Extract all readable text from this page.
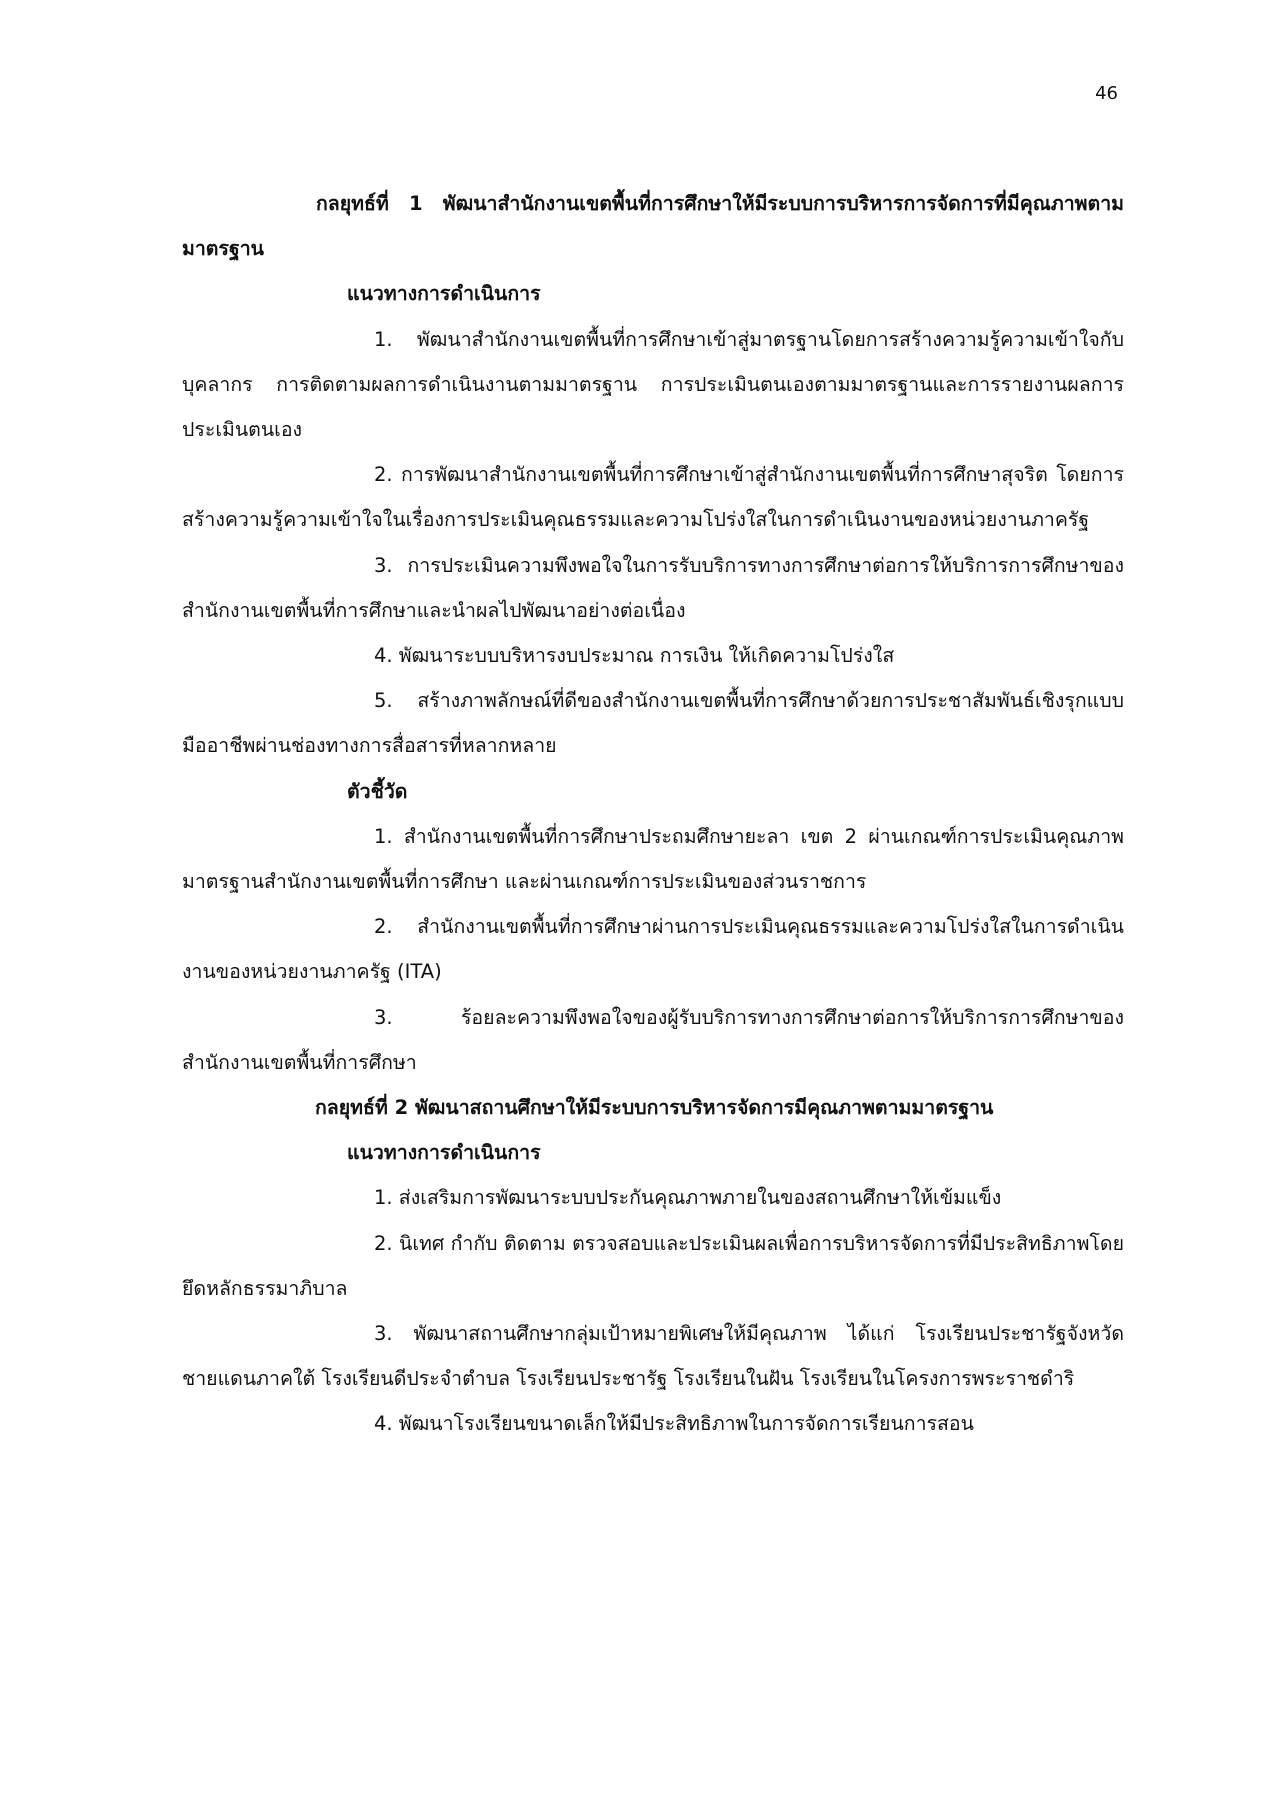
46

กลยุทธ์ที่ 1 พัฒนาสำนักงานเขตพื้นที่การศึกษาให้มีระบบการบริหารการจัดการที่มีคุณภาพตามมาตรฐาน

แนวทางการดำเนินการ

1. พัฒนาสำนักงานเขตพื้นที่การศึกษาเข้าสู่มาตรฐานโดยการสร้างความรู้ความเข้าใจกับบุคลากร การติดตามผลการดำเนินงานตามมาตรฐาน การประเมินตนเองตามมาตรฐานและการรายงานผลการประเมินตนเอง

2. การพัฒนาสำนักงานเขตพื้นที่การศึกษาเข้าสู่สำนักงานเขตพื้นที่การศึกษาสุจริต โดยการสร้างความรู้ความเข้าใจในเรื่องการประเมินคุณธรรมและความโปร่งใสในการดำเนินงานของหน่วยงานภาครัฐ

3. การประเมินความพึงพอใจในการรับบริการทางการศึกษาต่อการให้บริการการศึกษาของสำนักงานเขตพื้นที่การศึกษาและนำผลไปพัฒนาอย่างต่อเนื่อง

4. พัฒนาระบบบริหารงบประมาณ การเงิน ให้เกิดความโปร่งใส

5. สร้างภาพลักษณ์ที่ดีของสำนักงานเขตพื้นที่การศึกษาด้วยการประชาสัมพันธ์เชิงรุกแบบมืออาชีพผ่านช่องทางการสื่อสารที่หลากหลาย

ตัวชี้วัด

1. สำนักงานเขตพื้นที่การศึกษาประถมศึกษายะลา เขต 2 ผ่านเกณฑ์การประเมินคุณภาพมาตรฐานสำนักงานเขตพื้นที่การศึกษา และผ่านเกณฑ์การประเมินของส่วนราชการ

2. สำนักงานเขตพื้นที่การศึกษาผ่านการประเมินคุณธรรมและความโปร่งใสในการดำเนินงานของหน่วยงานภาครัฐ (ITA)

3. ร้อยละความพึงพอใจของผู้รับบริการทางการศึกษาต่อการให้บริการการศึกษาของสำนักงานเขตพื้นที่การศึกษา

กลยุทธ์ที่ 2 พัฒนาสถานศึกษาให้มีระบบการบริหารจัดการมีคุณภาพตามมาตรฐาน

แนวทางการดำเนินการ

1. ส่งเสริมการพัฒนาระบบประกันคุณภาพภายในของสถานศึกษาให้เข้มแข็ง

2. นิเทศ กำกับ ติดตาม ตรวจสอบและประเมินผลเพื่อการบริหารจัดการที่มีประสิทธิภาพโดยยึดหลักธรรมาภิบาล

3. พัฒนาสถานศึกษากลุ่มเป้าหมายพิเศษให้มีคุณภาพ ได้แก่ โรงเรียนประชารัฐจังหวัดชายแดนภาคใต้ โรงเรียนดีประจำตำบล โรงเรียนประชารัฐ โรงเรียนในฝัน โรงเรียนในโครงการพระราชดำริ

4. พัฒนาโรงเรียนขนาดเล็กให้มีประสิทธิภาพในการจัดการเรียนการสอน
